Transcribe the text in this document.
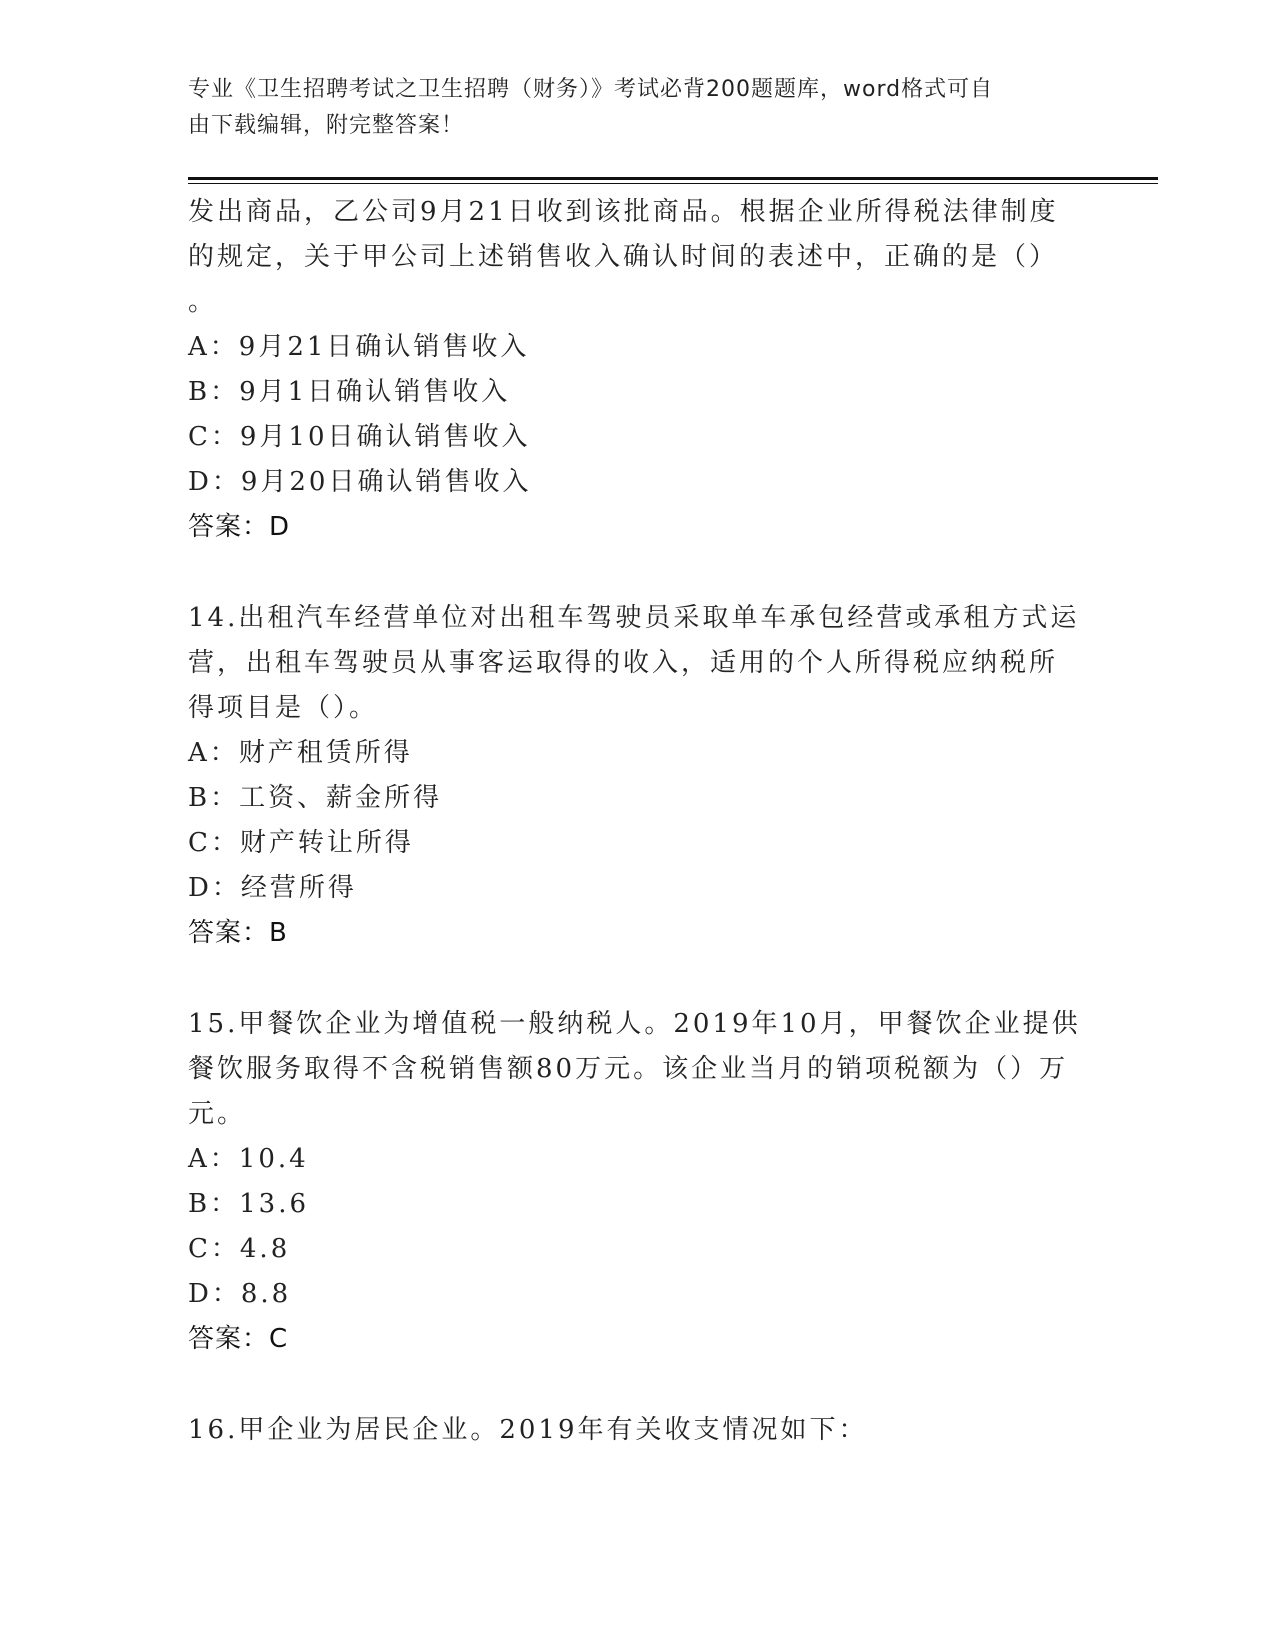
专业《卫生招聘考试之卫生招聘（财务）》考试必背200题题库，word格式可自
由下载编辑，附完整答案！

发出商品，乙公司9月21日收到该批商品。根据企业所得税法律制度

的规定，关于甲公司上述销售收入确认时间的表述中，正确的是（）

。

A：9月21日确认销售收入

B：9月1日确认销售收入

C：9月10日确认销售收入

D：9月20日确认销售收入

答案：D

14.出租汽车经营单位对出租车驾驶员采取单车承包经营或承租方式运

营，出租车驾驶员从事客运取得的收入，适用的个人所得税应纳税所

得项目是（）。

A：财产租赁所得

B：工资、薪金所得

C：财产转让所得

D：经营所得

答案：B

15.甲餐饮企业为增值税一般纳税人。2019年10月，甲餐饮企业提供

餐饮服务取得不含税销售额80万元。该企业当月的销项税额为（）万

元。

A：10.4

B：13.6

C：4.8

D：8.8

答案：C

16.甲企业为居民企业。2019年有关收支情况如下：
